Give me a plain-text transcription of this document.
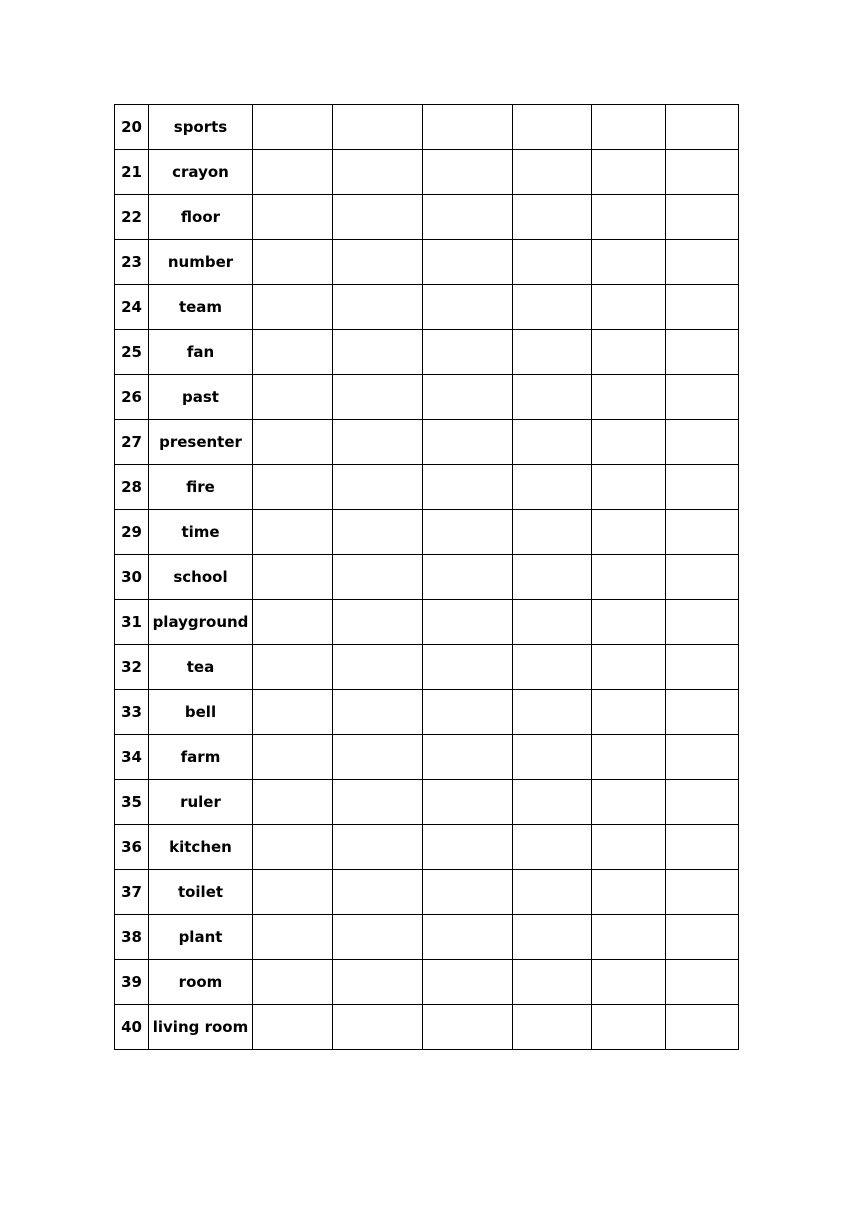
20	sports						
21	crayon						
22	floor						
23	number						
24	team						
25	fan						
26	past						
27	presenter						
28	fire						
29	time						
30	school						
31	playground						
32	tea						
33	bell						
34	farm						
35	ruler						
36	kitchen						
37	toilet						
38	plant						
39	room						
40	living room						
